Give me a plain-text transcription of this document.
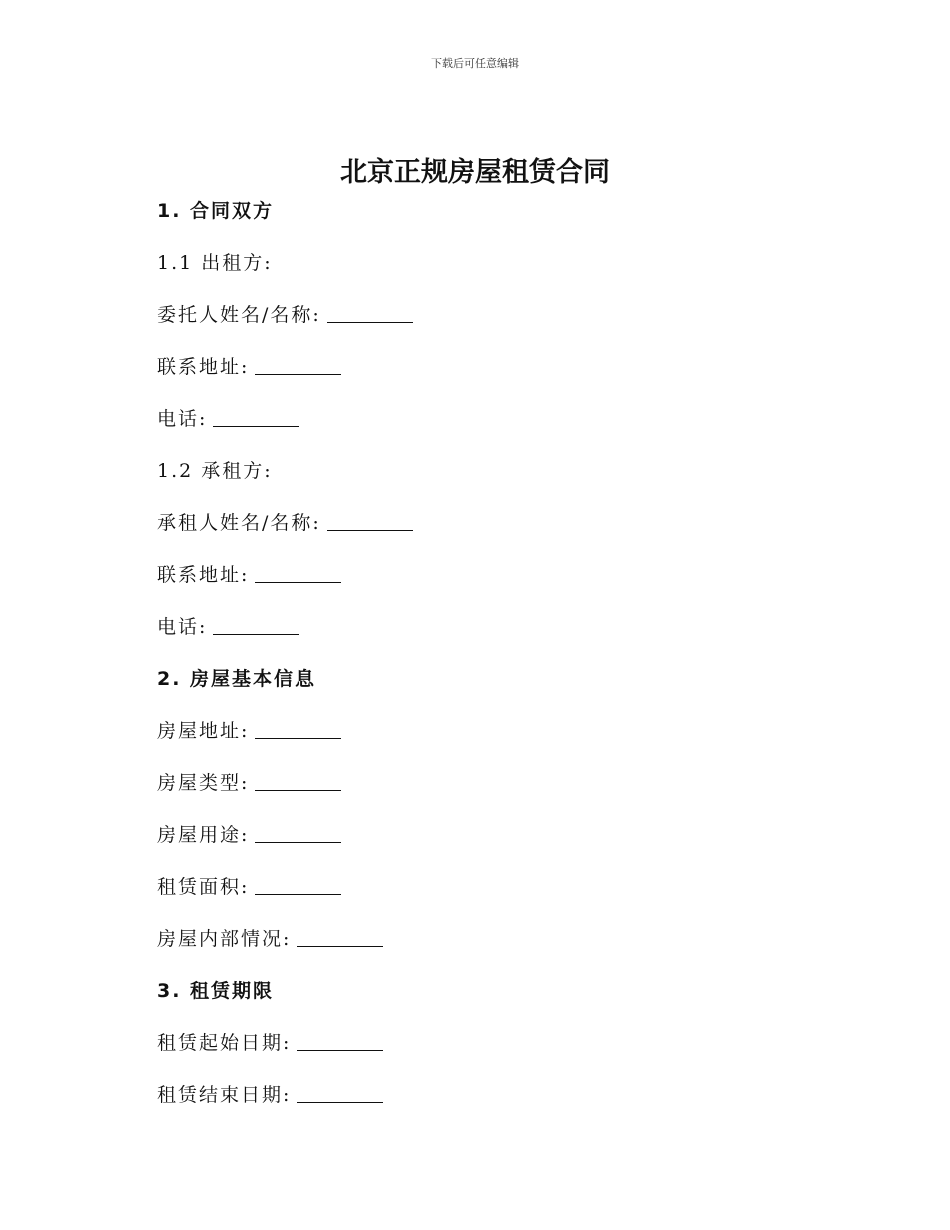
下载后可任意编辑
北京正规房屋租赁合同
1. 合同双方
1.1 出租方:
委托人姓名/名称:
联系地址:
电话:
1.2 承租方:
承租人姓名/名称:
联系地址:
电话:
2. 房屋基本信息
房屋地址:
房屋类型:
房屋用途:
租赁面积:
房屋内部情况:
3. 租赁期限
租赁起始日期:
租赁结束日期:
